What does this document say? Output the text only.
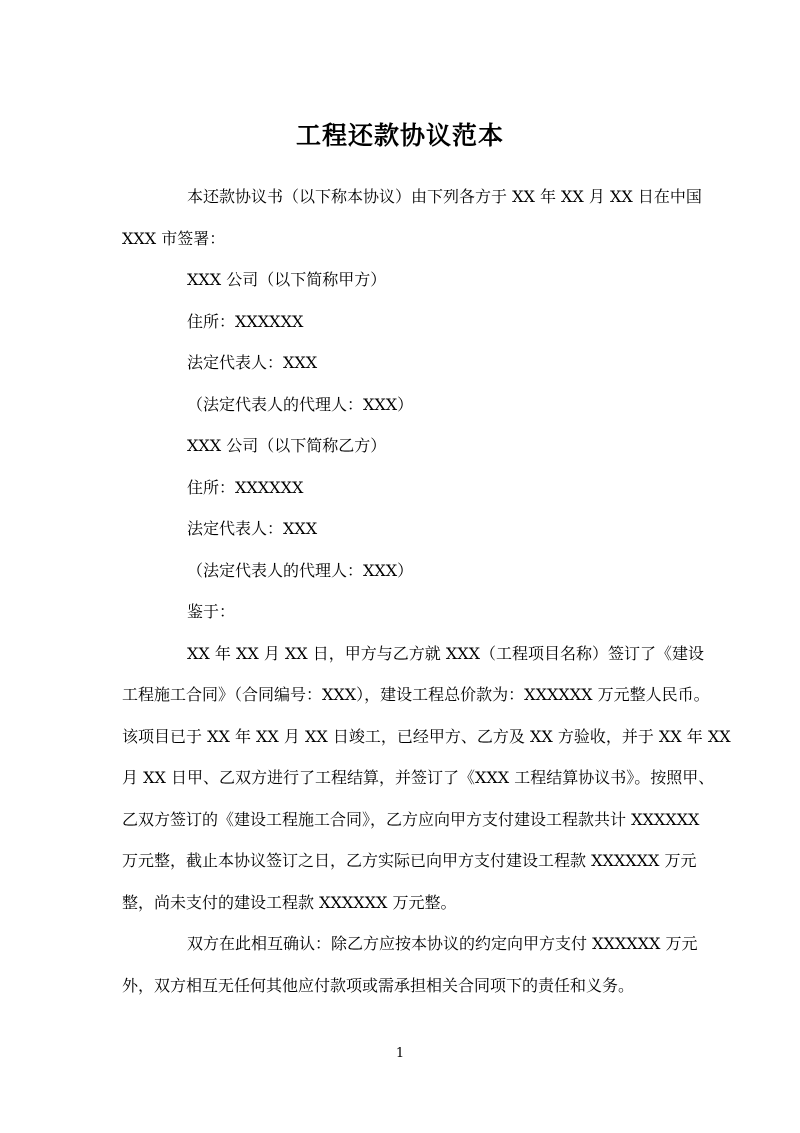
工程还款协议范本
本还款协议书（以下称本协议）由下列各方于 XX 年 XX 月 XX 日在中国
XXX 市签署：
XXX 公司（以下简称甲方）
住所：XXXXXX
法定代表人：XXX
（法定代表人的代理人：XXX）
XXX 公司（以下简称乙方）
住所：XXXXXX
法定代表人：XXX
（法定代表人的代理人：XXX）
鉴于：
XX 年 XX 月 XX 日，甲方与乙方就 XXX（工程项目名称）签订了《建设
工程施工合同》（合同编号：XXX），建设工程总价款为：XXXXXX 万元整人民币。
该项目已于 XX 年 XX 月 XX 日竣工，已经甲方、乙方及 XX 方验收，并于 XX 年 XX
月 XX 日甲、乙双方进行了工程结算，并签订了《XXX 工程结算协议书》。按照甲、
乙双方签订的《建设工程施工合同》，乙方应向甲方支付建设工程款共计 XXXXXX
万元整，截止本协议签订之日，乙方实际已向甲方支付建设工程款 XXXXXX 万元
整，尚未支付的建设工程款 XXXXXX 万元整。
双方在此相互确认：除乙方应按本协议的约定向甲方支付 XXXXXX 万元
外，双方相互无任何其他应付款项或需承担相关合同项下的责任和义务。
1
